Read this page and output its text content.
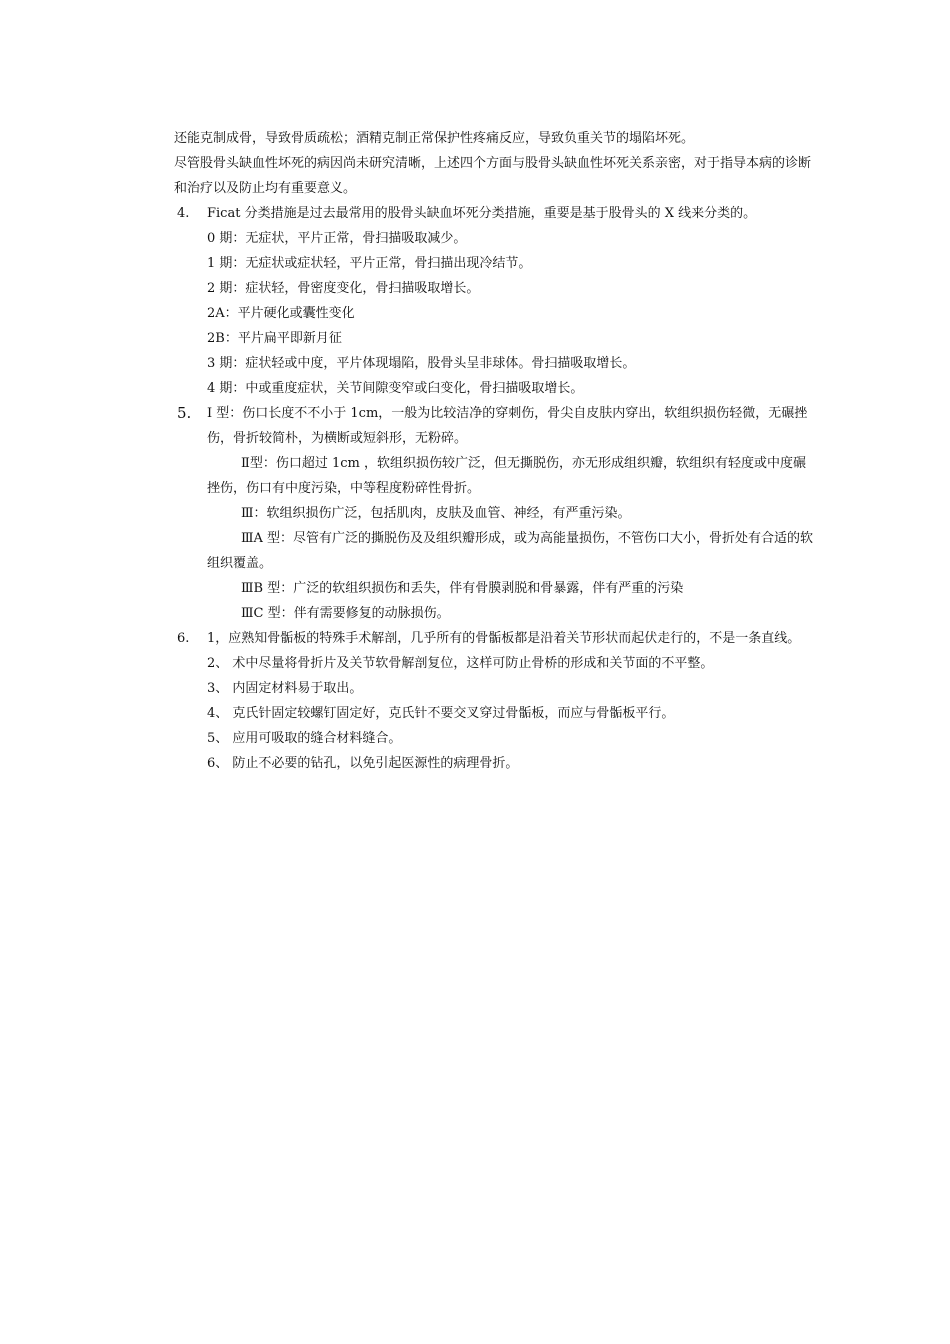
还能克制成骨，导致骨质疏松；酒精克制正常保护性疼痛反应，导致负重关节的塌陷坏死。

尽管股骨头缺血性坏死的病因尚未研究清晰，上述四个方面与股骨头缺血性坏死关系亲密，对于指导本病的诊断和治疗以及防止均有重要意义。

4. Ficat 分类措施是过去最常用的股骨头缺血坏死分类措施，重要是基于股骨头的 X 线来分类的。

0 期：无症状，平片正常，骨扫描吸取减少。

1 期：无症状或症状轻，平片正常，骨扫描出现冷结节。

2 期：症状轻，骨密度变化，骨扫描吸取增长。

2A：平片硬化或囊性变化

2B：平片扁平即新月征

3 期：症状轻或中度，平片体现塌陷，股骨头呈非球体。骨扫描吸取增长。

4 期：中或重度症状，关节间隙变窄或臼变化，骨扫描吸取增长。

5. Ⅰ 型：伤口长度不不小于 1cm，一般为比较洁净的穿刺伤，骨尖自皮肤内穿出，软组织损伤轻微，无碾挫伤，骨折较简朴，为横断或短斜形，无粉碎。

Ⅱ型：伤口超过 1cm ，软组织损伤较广泛，但无撕脱伤，亦无形成组织瓣，软组织有轻度或中度碾挫伤，伤口有中度污染，中等程度粉碎性骨折。

Ⅲ：软组织损伤广泛，包括肌肉，皮肤及血管、神经，有严重污染。

ⅢA 型：尽管有广泛的撕脱伤及及组织瓣形成，或为高能量损伤，不管伤口大小，骨折处有合适的软组织覆盖。

ⅢB 型：广泛的软组织损伤和丢失，伴有骨膜剥脱和骨暴露，伴有严重的污染

ⅢC 型：伴有需要修复的动脉损伤。

6. 1，应熟知骨骺板的特殊手术解剖，几乎所有的骨骺板都是沿着关节形状而起伏走行的，不是一条直线。

2、 术中尽量将骨折片及关节软骨解剖复位，这样可防止骨桥的形成和关节面的不平整。

3、 内固定材料易于取出。

4、 克氏针固定较螺钉固定好，克氏针不要交叉穿过骨骺板，而应与骨骺板平行。

5、 应用可吸取的缝合材料缝合。

6、 防止不必要的钻孔，以免引起医源性的病理骨折。
